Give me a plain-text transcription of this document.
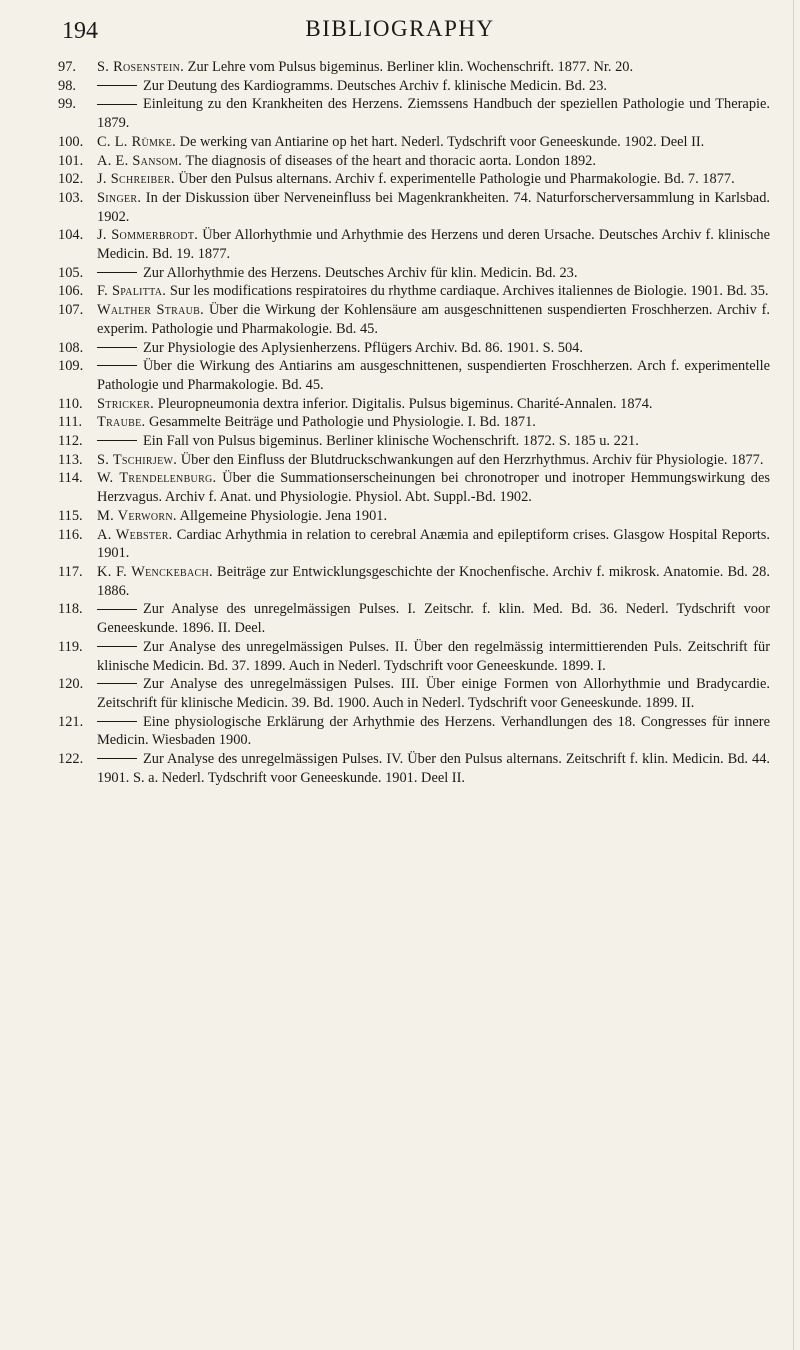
194	BIBLIOGRAPHY
97. S. Rosenstein. Zur Lehre vom Pulsus bigeminus. Berliner klin. Wochenschrift. 1877. Nr. 20.
98.	Zur Deutung des Kardiogramms. Deutsches Archiv f. klinische Medicin. Bd. 23.
99.	Einleitung zu den Krankheiten des Herzens. Ziemssens Handbuch der speziellen Pathologie und Therapie. 1879.
100. C. L. Rümke. De werking van Antiarine op het hart. Nederl. Tydschrift voor Geneeskunde. 1902. Deel II.
101. A. E. Sansom. The diagnosis of diseases of the heart and thoracic aorta. London 1892.
102. J. Schreiber. Über den Pulsus alternans. Archiv f. experimentelle Pathologie und Pharmakologie. Bd. 7. 1877.
103. Singer. In der Diskussion über Nerveneinfluss bei Magenkrankheiten. 74. Naturforscherversammlung in Karlsbad. 1902.
104. J. Sommerbrodt. Über Allorhythmie und Arhythmie des Herzens und deren Ursache. Deutsches Archiv f. klinische Medicin. Bd. 19. 1877.
105.	Zur Allorhythmie des Herzens. Deutsches Archiv für klin. Medicin. Bd. 23.
106. F. Spalitta. Sur les modifications respiratoires du rhythme cardiaque. Archives italiennes de Biologie. 1901. Bd. 35.
107. Walther Straub. Über die Wirkung der Kohlensäure am ausgeschnittenen suspendierten Froschherzen. Archiv f. experim. Pathologie und Pharmakologie. Bd. 45.
108.	Zur Physiologie des Aplysienherzens. Pflügers Archiv. Bd. 86. 1901. S. 504.
109.	Über die Wirkung des Antiarins am ausgeschnittenen, suspendierten Froschherzen. Arch f. experimentelle Pathologie und Pharmakologie. Bd. 45.
110. Stricker. Pleuropneumonia dextra inferior. Digitalis. Pulsus bigeminus. Charité-Annalen. 1874.
111. Traube. Gesammelte Beiträge und Pathologie und Physiologie. I. Bd. 1871.
112.	Ein Fall von Pulsus bigeminus. Berliner klinische Wochenschrift. 1872. S. 185 u. 221.
113. S. Tschirjew. Über den Einfluss der Blutdruckschwankungen auf den Herzrhythmus. Archiv für Physiologie. 1877.
114. W. Trendelenburg. Über die Summationserscheinungen bei chronotroper und inotroper Hemmungswirkung des Herzvagus. Archiv f. Anat. und Physiologie. Physiol. Abt. Suppl.-Bd. 1902.
115. M. Verworn. Allgemeine Physiologie. Jena 1901.
116. A. Webster. Cardiac Arhythmia in relation to cerebral Anæmia and epileptiform crises. Glasgow Hospital Reports. 1901.
117. K. F. Wenckebach. Beiträge zur Entwicklungsgeschichte der Knochenfische. Archiv f. mikrosk. Anatomie. Bd. 28. 1886.
118.	Zur Analyse des unregelmässigen Pulses. I. Zeitschr. f. klin. Med. Bd. 36. Nederl. Tydschrift voor Geneeskunde. 1896. II. Deel.
119.	Zur Analyse des unregelmässigen Pulses. II. Über den regelmässig intermittierenden Puls. Zeitschrift für klinische Medicin. Bd. 37. 1899. Auch in Nederl. Tydschrift voor Geneeskunde. 1899. I.
120.	Zur Analyse des unregelmässigen Pulses. III. Über einige Formen von Allorhythmie und Bradycardie. Zeitschrift für klinische Medicin. 39. Bd. 1900. Auch in Nederl. Tydschrift voor Geneeskunde. 1899. II.
121.	Eine physiologische Erklärung der Arhythmie des Herzens. Verhandlungen des 18. Congresses für innere Medicin. Wiesbaden 1900.
122.	Zur Analyse des unregelmässigen Pulses. IV. Über den Pulsus alternans. Zeitschrift f. klin. Medicin. Bd. 44. 1901. S. a. Nederl. Tydschrift voor Geneeskunde. 1901. Deel II.
